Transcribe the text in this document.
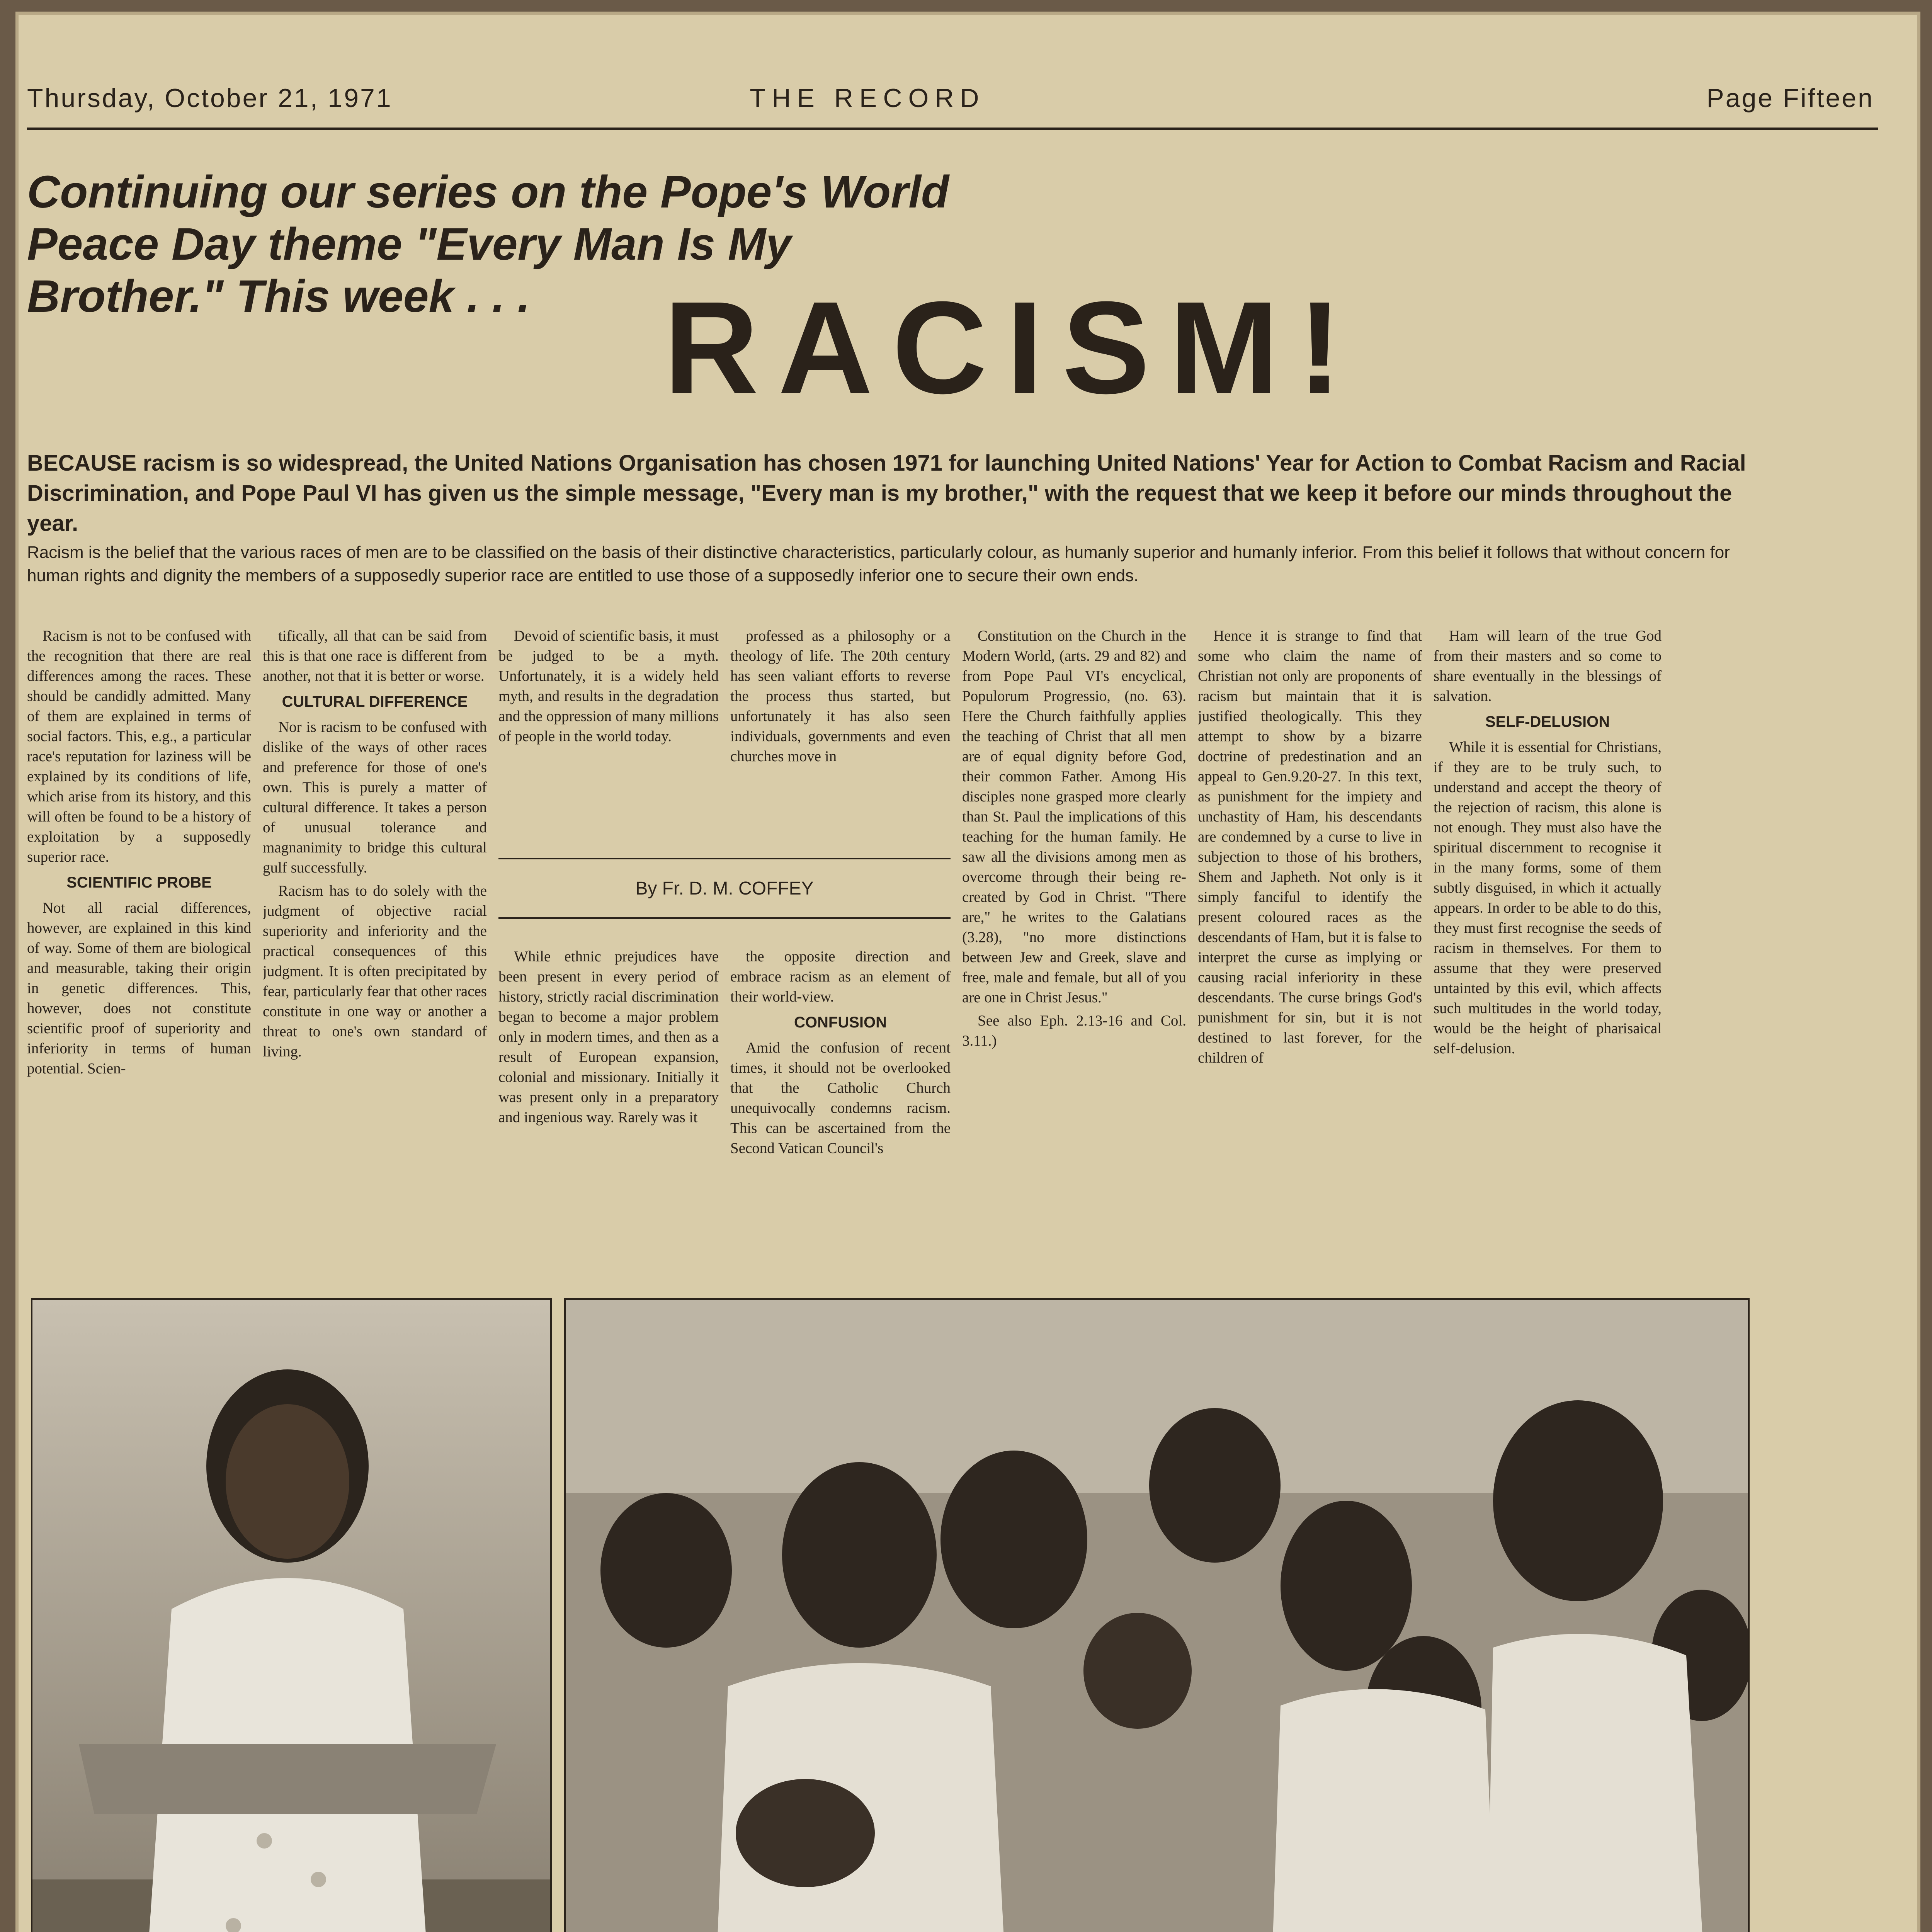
Thursday, October 21, 1971	THE RECORD	Page Fifteen
Continuing our series on the Pope's World Peace Day theme "Every Man Is My Brother." This week . . .	RACISM!
BECAUSE racism is so widespread, the United Nations Organisation has chosen 1971 for launching United Nations' Year for Action to Combat Racism and Racial Discrimination, and Pope Paul VI has given us the simple message, "Every man is my brother," with the request that we keep it before our minds throughout the year.
Racism is the belief that the various races of men are to be classified on the basis of their distinctive characteristics, particularly colour, as humanly superior and humanly inferior. From this belief it follows that without concern for human rights and dignity the members of a supposedly superior race are entitled to use those of a supposedly inferior one to secure their own ends.

Racism is not to be confused with the recognition that there are real differences among the races. These should be candidly admitted. Many of them are explained in terms of social factors. This, e.g., a particular race's reputation for laziness will be explained by its conditions of life, which arise from its history, and this will often be found to be a history of exploitation by a supposedly superior race.

SCIENTIFIC PROBE

Not all racial differences, however, are explained in this kind of way. Some of them are biological and measurable, taking their origin in genetic differences. This, however, does not constitute scientific proof of superiority and inferiority in terms of human potential. Scien-

tifically, all that can be said from this is that one race is different from another, not that it is better or worse.

CULTURAL DIFFERENCE

Nor is racism to be confused with dislike of the ways of other races and preference for those of one's own. This is purely a matter of cultural difference. It takes a person of unusual tolerance and magnanimity to bridge this cultural gulf successfully.

Racism has to do solely with the judgment of objective racial superiority and inferiority and the practical consequences of this judgment. It is often precipitated by fear, particularly fear that other races constitute in one way or another a threat to one's own standard of living.

Devoid of scientific basis, it must be judged to be a myth. Unfortunately, it is a widely held myth, and results in the degradation and the oppression of many millions of people in the world today.

professed as a philosophy or a theology of life. The 20th century has seen valiant efforts to reverse the process thus started, but unfortunately it has also seen individuals, governments and even churches move in

By Fr. D. M. COFFEY

While ethnic prejudices have been present in every period of history, strictly racial discrimination began to become a major problem only in modern times, and then as a result of European expansion, colonial and missionary. Initially it was present only in a preparatory and ingenious way. Rarely was it

the opposite direction and embrace racism as an element of their world-view.

CONFUSION

Amid the confusion of recent times, it should not be overlooked that the Catholic Church unequivocally condemns racism. This can be ascertained from the Second Vatican Council's

Constitution on the Church in the Modern World, (arts. 29 and 82) and from Pope Paul VI's encyclical, Populorum Progressio, (no. 63). Here the Church faithfully applies the teaching of Christ that all men are of equal dignity before God, their common Father. Among His disciples none grasped more clearly than St. Paul the implications of this teaching for the human family. He saw all the divisions among men as overcome through their being re-created by God in Christ. "There are," he writes to the Galatians (3.28), "no more distinctions between Jew and Greek, slave and free, male and female, but all of you are one in Christ Jesus."

See also Eph. 2.13-16 and Col. 3.11.)

Hence it is strange to find that some who claim the name of Christian not only are proponents of racism but maintain that it is justified theologically. This they attempt to show by a bizarre doctrine of predestination and an appeal to Gen.9.20-27. In this text, as punishment for the impiety and unchastity of Ham, his descendants are condemned by a curse to live in subjection to those of his brothers, Shem and Japheth. Not only is it simply fanciful to identify the present coloured races as the descendants of Ham, but it is false to interpret the curse as implying or causing racial inferiority in these descendants. The curse brings God's punishment for sin, but it is not destined to last forever, for the children of

Ham will learn of the true God from their masters and so come to share eventually in the blessings of salvation.

SELF-DELUSION

While it is essential for Christians, if they are to be truly such, to understand and accept the theory of the rejection of racism, this alone is not enough. They must also have the spiritual discernment to recognise it in the many forms, some of them subtly disguised, in which it actually appears. In order to be able to do this, they must first recognise the seeds of racism in themselves. For them to assume that they were preserved untainted by this evil, which affects such multitudes in the world today, would be the height of pharisaical self-delusion.
